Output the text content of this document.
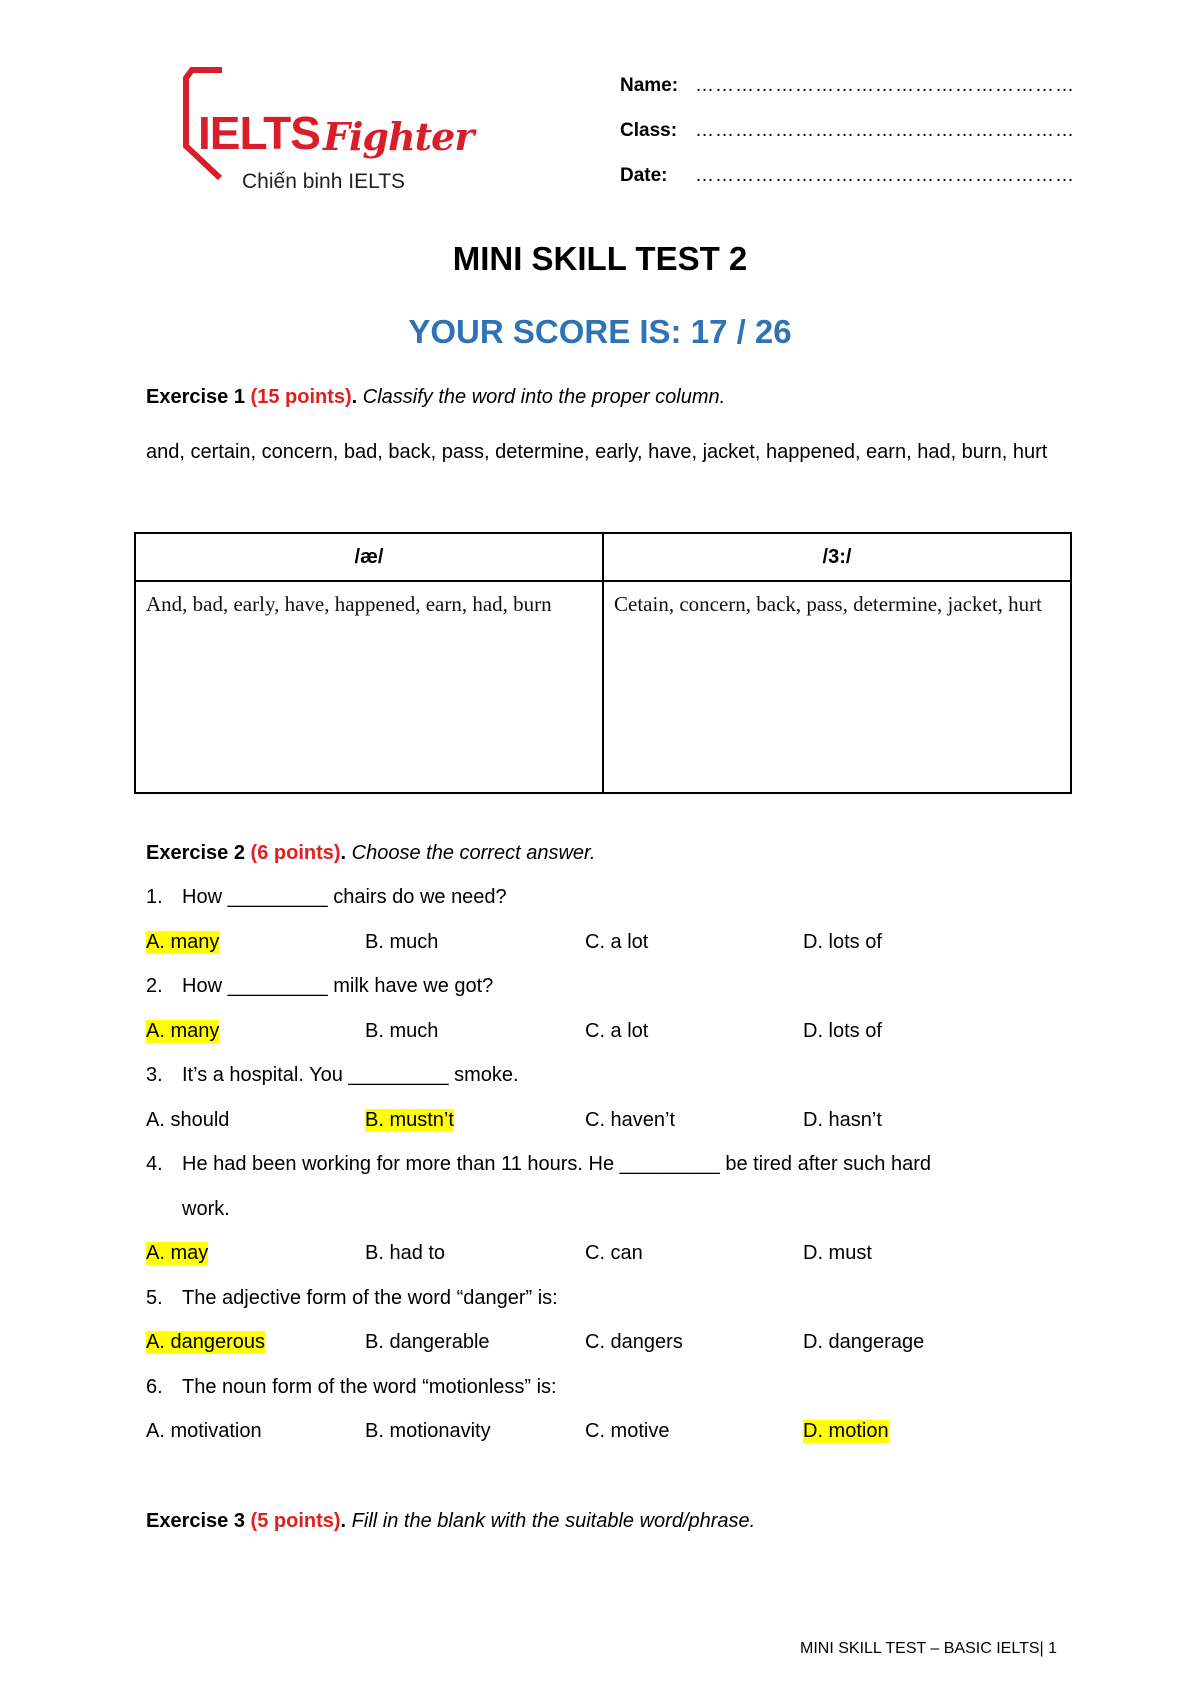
IELTS Fighter
Chiến binh IELTS
Name: …………………………………………………
Class: …………………………………………………
Date:	…………………………………………………
MINI SKILL TEST 2
YOUR SCORE IS: 17 / 26
Exercise 1 (15 points). Classify the word into the proper column.
and, certain, concern, bad, back, pass, determine, early, have, jacket, happened, earn, had, burn, hurt
/æ/	/3:/
And, bad, early, have, happened, earn, had, burn	Cetain, concern, back, pass, determine, jacket, hurt
Exercise 2 (6 points). Choose the correct answer.
1. How _________ chairs do we need?
A. many	B. much	C. a lot	D. lots of
2. How _________ milk have we got?
A. many	B. much	C. a lot	D. lots of
3. It’s a hospital. You _________ smoke.
A. should	B. mustn’t	C. haven’t	D. hasn’t
4. He had been working for more than 11 hours. He _________ be tired after such hard
work.
A. may	B. had to	C. can	D. must
5. The adjective form of the word “danger” is:
A. dangerous	B. dangerable	C. dangers	D. dangerage
6. The noun form of the word “motionless” is:
A. motivation	B. motionavity	C. motive	D. motion
Exercise 3 (5 points). Fill in the blank with the suitable word/phrase.
MINI SKILL TEST – BASIC IELTS| 1
